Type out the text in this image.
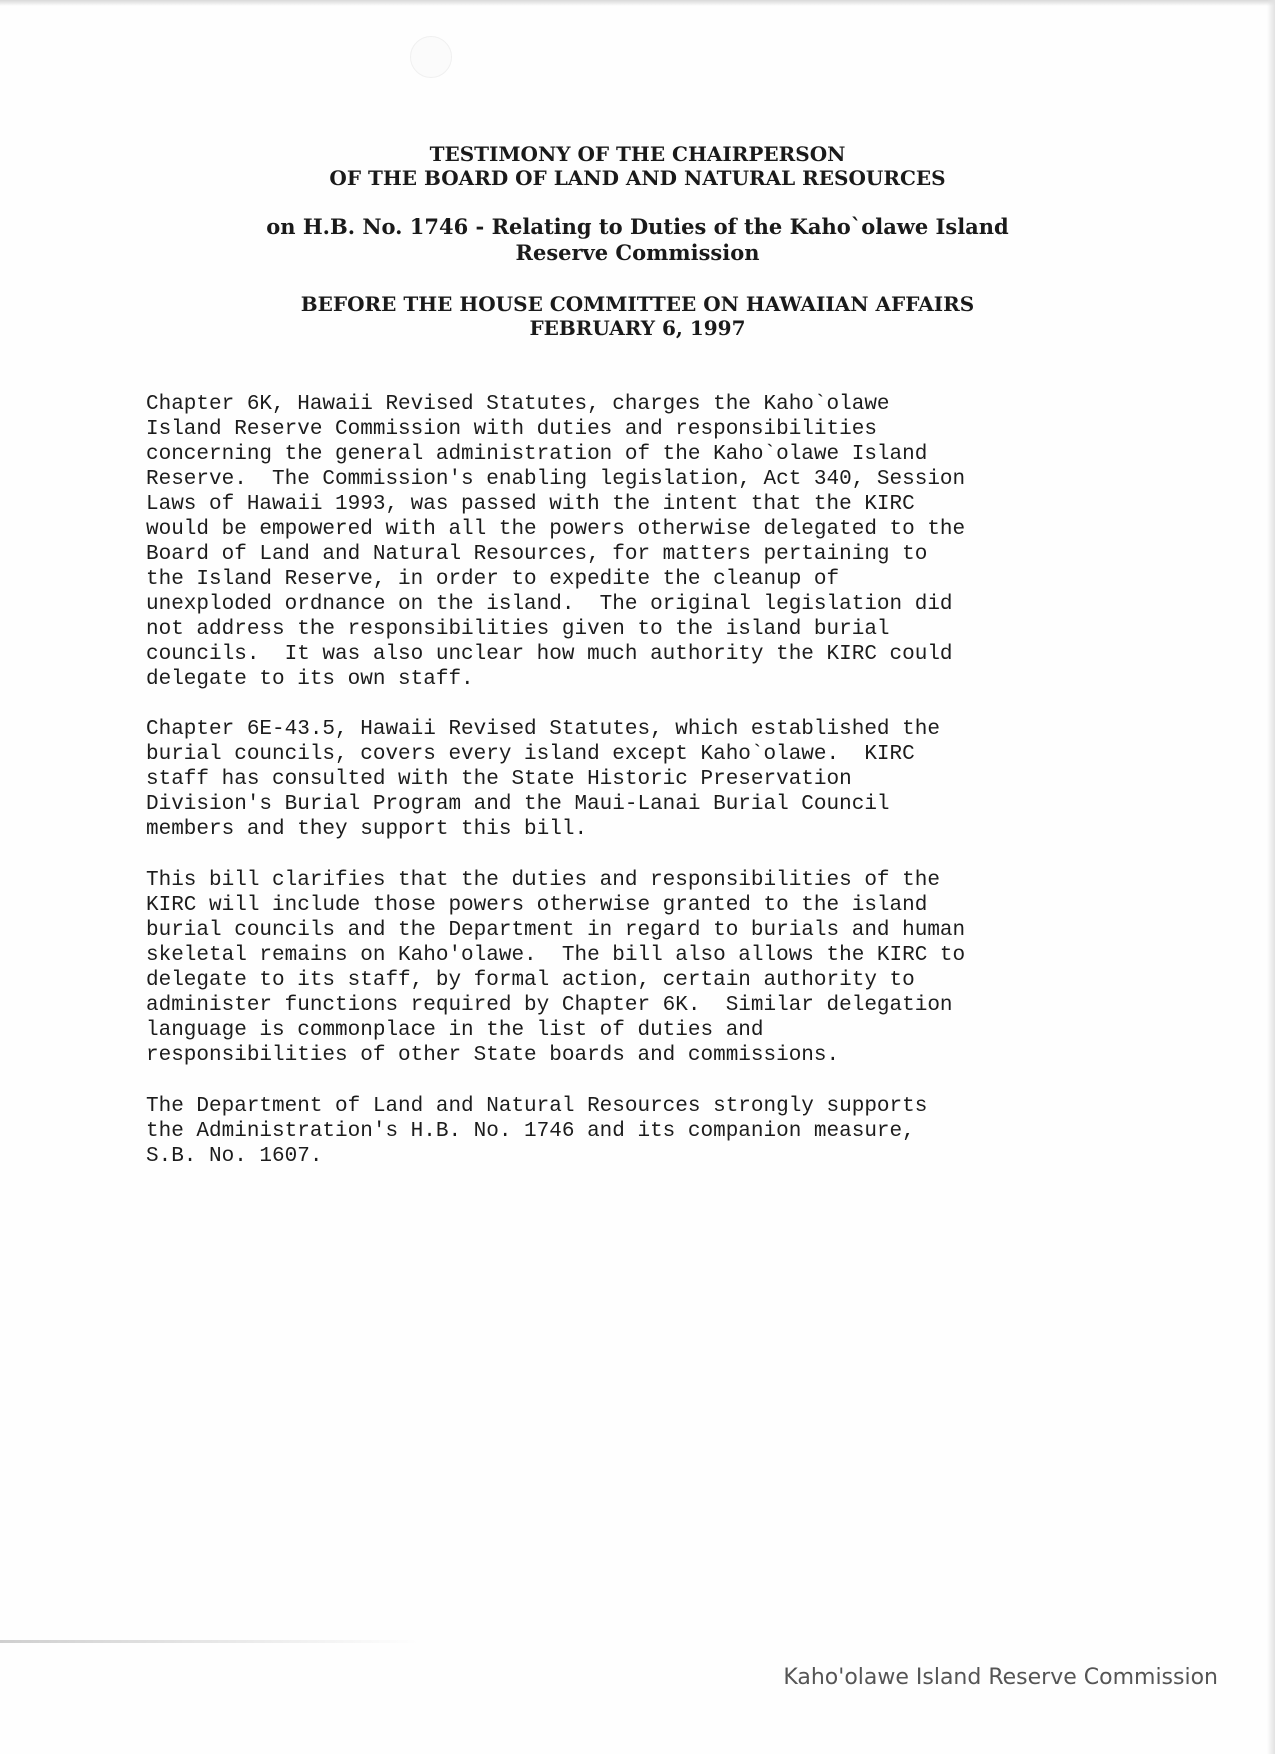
TESTIMONY OF THE CHAIRPERSON
OF THE BOARD OF LAND AND NATURAL RESOURCES
on H.B. No. 1746 - Relating to Duties of the Kaho`olawe Island
Reserve Commission
BEFORE THE HOUSE COMMITTEE ON HAWAIIAN AFFAIRS
FEBRUARY 6, 1997
Chapter 6K, Hawaii Revised Statutes, charges the Kaho`olawe
Island Reserve Commission with duties and responsibilities
concerning the general administration of the Kaho`olawe Island
Reserve.  The Commission's enabling legislation, Act 340, Session
Laws of Hawaii 1993, was passed with the intent that the KIRC
would be empowered with all the powers otherwise delegated to the
Board of Land and Natural Resources, for matters pertaining to
the Island Reserve, in order to expedite the cleanup of
unexploded ordnance on the island.  The original legislation did
not address the responsibilities given to the island burial
councils.  It was also unclear how much authority the KIRC could
delegate to its own staff.
Chapter 6E-43.5, Hawaii Revised Statutes, which established the
burial councils, covers every island except Kaho`olawe.  KIRC
staff has consulted with the State Historic Preservation
Division's Burial Program and the Maui-Lanai Burial Council
members and they support this bill.
This bill clarifies that the duties and responsibilities of the
KIRC will include those powers otherwise granted to the island
burial councils and the Department in regard to burials and human
skeletal remains on Kaho'olawe.  The bill also allows the KIRC to
delegate to its staff, by formal action, certain authority to
administer functions required by Chapter 6K.  Similar delegation
language is commonplace in the list of duties and
responsibilities of other State boards and commissions.
The Department of Land and Natural Resources strongly supports
the Administration's H.B. No. 1746 and its companion measure,
S.B. No. 1607.
Kaho'olawe Island Reserve Commission
